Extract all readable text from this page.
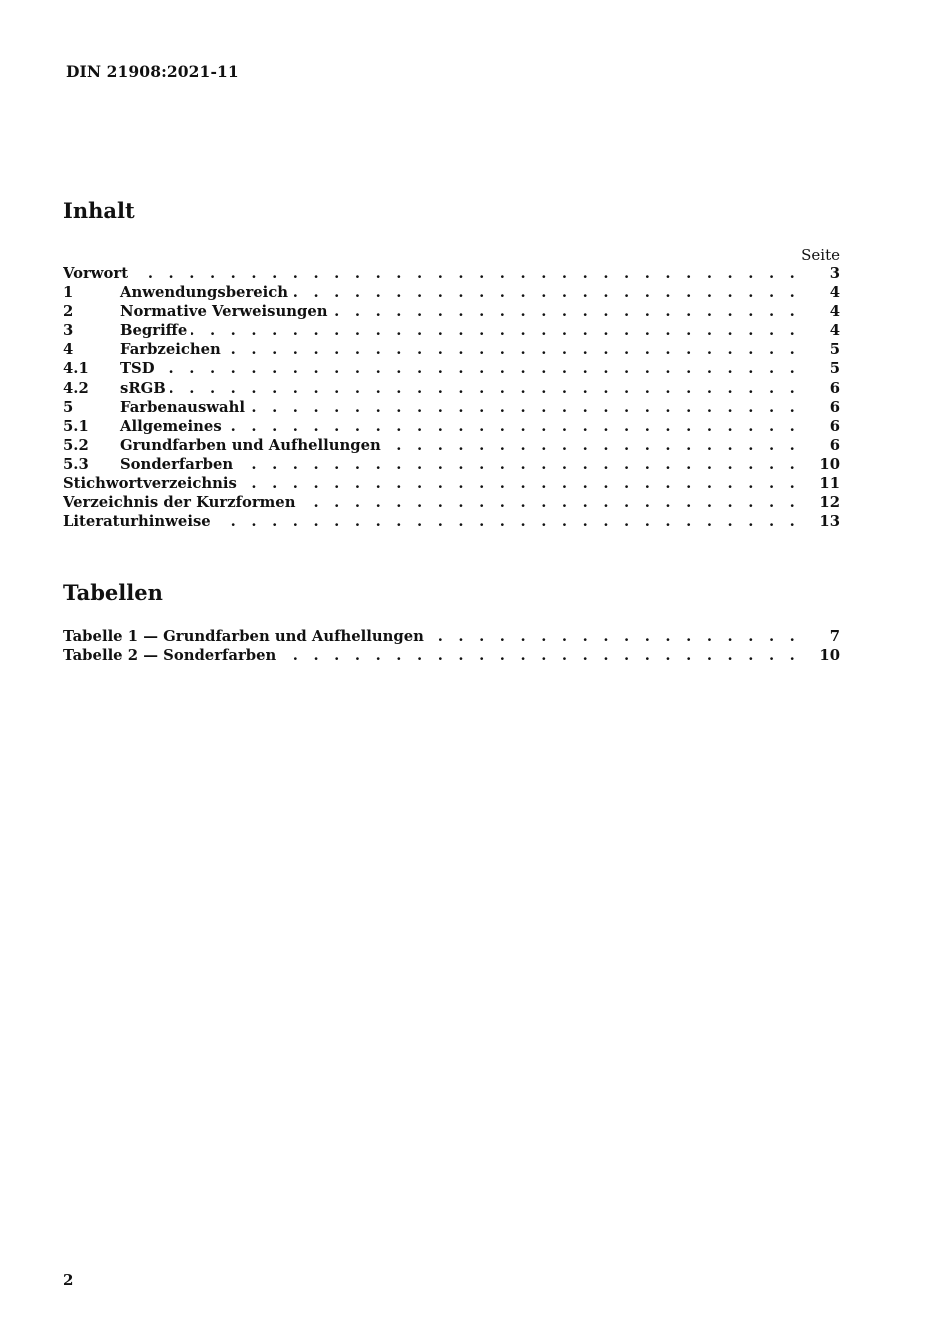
DIN 21908:2021-11
Inhalt
Seite
Vorwort . . .	3
1	Anwendungsbereich . . .	4
2	Normative Verweisungen . . .	4
3	Begriffe . . .	4
4	Farbzeichen . . .	5
4.1	TSD . . .	5
4.2	sRGB . . .	6
5	Farbenauswahl . . .	6
5.1	Allgemeines . . .	6
5.2	Grundfarben und Aufhellungen . . .	6
5.3	Sonderfarben . . .	10
Stichwortverzeichnis . . .	11
Verzeichnis der Kurzformen . . .	12
Literaturhinweise . . .	13
Tabellen
Tabelle 1 — Grundfarben und Aufhellungen . . .	7
Tabelle 2 — Sonderfarben . . .	10
2
